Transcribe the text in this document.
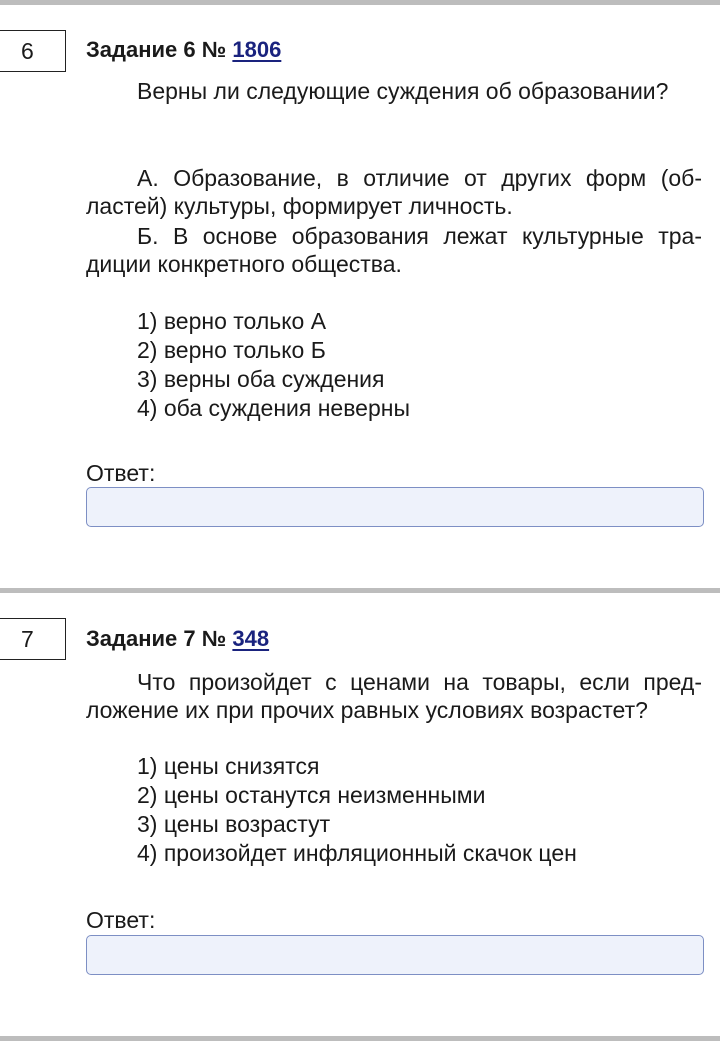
6	Задание 6 № 1806

Верны ли следующие суждения об образовании?

А. Образование, в отличие от других форм (областей) культуры, формирует личность.

Б. В основе образования лежат культурные традиции конкретного общества.

1) верно только А
2) верно только Б
3) верны оба суждения
4) оба суждения неверны
Ответ:
7	Задание 7 № 348

Что произойдет с ценами на товары, если предложение их при прочих равных условиях возрастет?

1) цены снизятся
2) цены останутся неизменными
3) цены возрастут
4) произойдет инфляционный скачок цен
Ответ:
